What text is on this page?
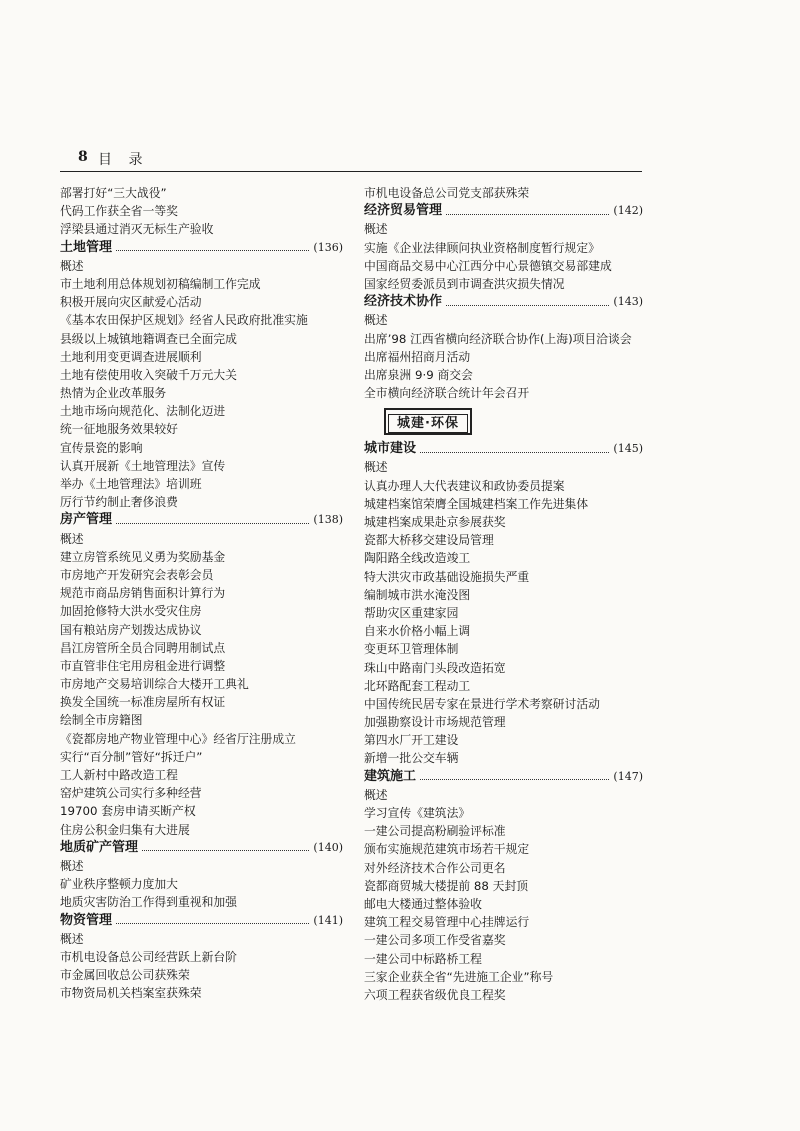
8 目 录
部署打好“三大战役”
代码工作获全省一等奖
浮梁县通过消灭无标生产验收
土地管理	(136)
概述
市土地利用总体规划初稿编制工作完成
积极开展向灾区献爱心活动
《基本农田保护区规划》经省人民政府批准实施
县级以上城镇地籍调查已全面完成
土地利用变更调查进展顺利
土地有偿使用收入突破千万元大关
热情为企业改革服务
土地市场向规范化、法制化迈进
统一征地服务效果较好
宣传景瓷的影响
认真开展新《土地管理法》宣传
举办《土地管理法》培训班
厉行节约制止奢侈浪费
房产管理	(138)
概述
建立房管系统见义勇为奖励基金
市房地产开发研究会表彰会员
规范市商品房销售面积计算行为
加固抢修特大洪水受灾住房
国有粮站房产划拨达成协议
昌江房管所全员合同聘用制试点
市直管非住宅用房租金进行调整
市房地产交易培训综合大楼开工典礼
换发全国统一标准房屋所有权证
绘制全市房籍图
《瓷都房地产物业管理中心》经省厅注册成立
实行“百分制”管好“拆迁户”
工人新村中路改造工程
窑炉建筑公司实行多种经营
19700 套房申请买断产权
住房公积金归集有大进展
地质矿产管理	(140)
概述
矿业秩序整顿力度加大
地质灾害防治工作得到重视和加强
物资管理	(141)
概述
市机电设备总公司经营跃上新台阶
市金属回收总公司获殊荣
市物资局机关档案室获殊荣
市机电设备总公司党支部获殊荣
经济贸易管理	(142)
概述
实施《企业法律顾问执业资格制度暂行规定》
中国商品交易中心江西分中心景德镇交易部建成
国家经贸委派员到市调查洪灾损失情况
经济技术协作	(143)
概述
出席’98 江西省横向经济联合协作(上海)项目洽谈会
出席福州招商月活动
出席泉洲 9·9 商交会
全市横向经济联合统计年会召开
城建·环保
城市建设	(145)
概述
认真办理人大代表建议和政协委员提案
城建档案馆荣膺全国城建档案工作先进集体
城建档案成果赴京参展获奖
瓷都大桥移交建设局管理
陶阳路全线改造竣工
特大洪灾市政基础设施损失严重
编制城市洪水淹没图
帮助灾区重建家园
自来水价格小幅上调
变更环卫管理体制
珠山中路南门头段改造拓宽
北环路配套工程动工
中国传统民居专家在景进行学术考察研讨活动
加强勘察设计市场规范管理
第四水厂开工建设
新增一批公交车辆
建筑施工	(147)
概述
学习宣传《建筑法》
一建公司提高粉刷验评标准
颁布实施规范建筑市场若干规定
对外经济技术合作公司更名
瓷都商贸城大楼提前 88 天封顶
邮电大楼通过整体验收
建筑工程交易管理中心挂牌运行
一建公司多项工作受省嘉奖
一建公司中标路桥工程
三家企业获全省“先进施工企业”称号
六项工程获省级优良工程奖
